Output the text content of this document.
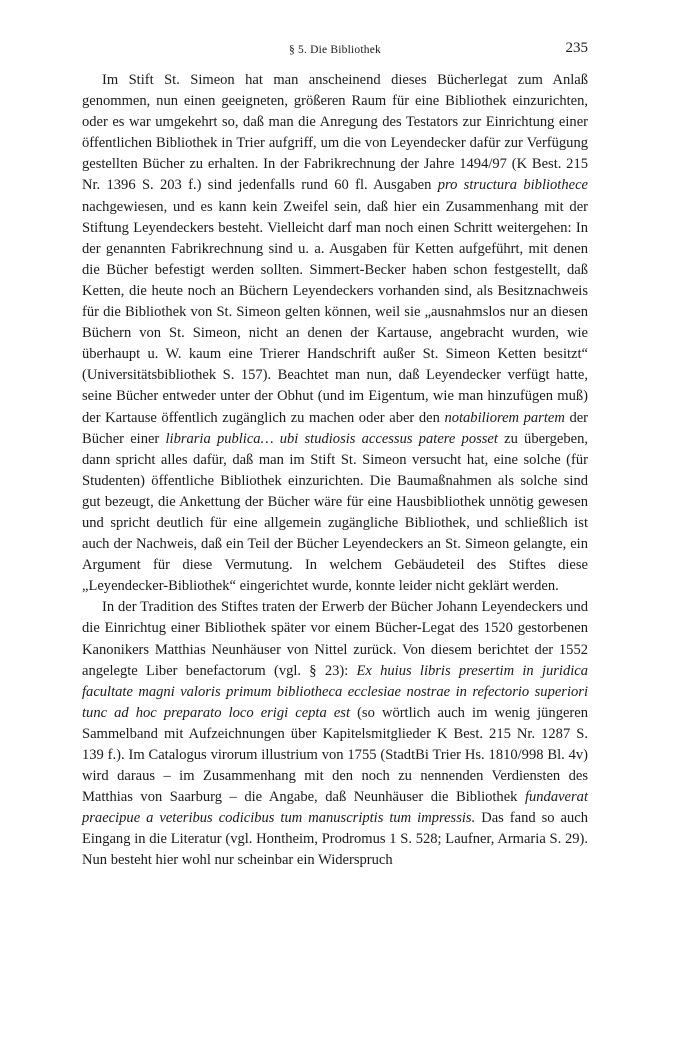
§ 5. Die Bibliothek	235

Im Stift St. Simeon hat man anscheinend dieses Bücherlegat zum Anlaß genommen, nun einen geeigneten, größeren Raum für eine Bibliothek einzurichten, oder es war umgekehrt so, daß man die Anregung des Testators zur Einrichtung einer öffentlichen Bibliothek in Trier aufgriff, um die von Leyendecker dafür zur Verfügung gestellten Bücher zu erhalten. In der Fabrikrechnung der Jahre 1494/97 (K Best. 215 Nr. 1396 S. 203 f.) sind jedenfalls rund 60 fl. Ausgaben pro structura bibliothece nachgewiesen, und es kann kein Zweifel sein, daß hier ein Zusammenhang mit der Stiftung Leyendeckers besteht. Vielleicht darf man noch einen Schritt weitergehen: In der genannten Fabrikrechnung sind u. a. Ausgaben für Ketten aufgeführt, mit denen die Bücher befestigt werden sollten. Simmert-Becker haben schon festgestellt, daß Ketten, die heute noch an Büchern Leyendeckers vorhanden sind, als Besitznachweis für die Bibliothek von St. Simeon gelten können, weil sie „ausnahmslos nur an diesen Büchern von St. Simeon, nicht an denen der Kartause, angebracht wurden, wie überhaupt u. W. kaum eine Trierer Handschrift außer St. Simeon Ketten besitzt“ (Universitätsbibliothek S. 157). Beachtet man nun, daß Leyendecker verfügt hatte, seine Bücher entweder unter der Obhut (und im Eigentum, wie man hinzufügen muß) der Kartause öffentlich zugänglich zu machen oder aber den notabiliorem partem der Bücher einer libraria publica… ubi studiosis accessus patere posset zu übergeben, dann spricht alles dafür, daß man im Stift St. Simeon versucht hat, eine solche (für Studenten) öffentliche Bibliothek einzurichten. Die Baumaßnahmen als solche sind gut bezeugt, die Ankettung der Bücher wäre für eine Hausbibliothek unnötig gewesen und spricht deutlich für eine allgemein zugängliche Bibliothek, und schließlich ist auch der Nachweis, daß ein Teil der Bücher Leyendeckers an St. Simeon gelangte, ein Argument für diese Vermutung. In welchem Gebäudeteil des Stiftes diese „Leyendecker-Bibliothek“ eingerichtet wurde, konnte leider nicht geklärt werden.

In der Tradition des Stiftes traten der Erwerb der Bücher Johann Leyendeckers und die Einrichtug einer Bibliothek später vor einem Bücher-Legat des 1520 gestorbenen Kanonikers Matthias Neunhäuser von Nittel zurück. Von diesem berichtet der 1552 angelegte Liber benefactorum (vgl. § 23): Ex huius libris presertim in juridica facultate magni valoris primum bibliotheca ecclesiae nostrae in refectorio superiori tunc ad hoc preparato loco erigi cepta est (so wörtlich auch im wenig jüngeren Sammelband mit Aufzeichnungen über Kapitelsmitglieder K Best. 215 Nr. 1287 S. 139 f.). Im Catalogus virorum illustrium von 1755 (StadtBi Trier Hs. 1810/998 Bl. 4v) wird daraus – im Zusammenhang mit den noch zu nennenden Verdiensten des Matthias von Saarburg – die Angabe, daß Neunhäuser die Bibliothek fundaverat praecipue a veteribus codicibus tum manuscriptis tum impressis. Das fand so auch Eingang in die Literatur (vgl. Hontheim, Prodromus 1 S. 528; Laufner, Armaria S. 29). Nun besteht hier wohl nur scheinbar ein Widerspruch
